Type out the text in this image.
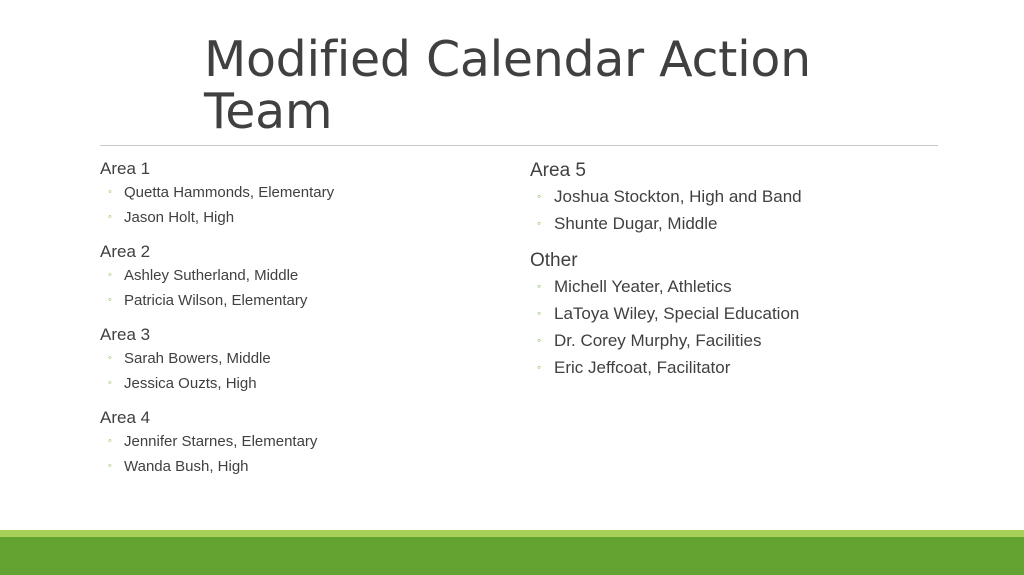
Modified Calendar Action Team
Area 1
◦ Quetta Hammonds, Elementary
◦ Jason Holt, High
Area 2
◦ Ashley Sutherland, Middle
◦ Patricia Wilson, Elementary
Area 3
◦ Sarah Bowers, Middle
◦ Jessica Ouzts, High
Area 4
◦ Jennifer Starnes, Elementary
◦ Wanda Bush, High
Area 5
◦ Joshua Stockton, High and Band
◦ Shunte Dugar, Middle
Other
◦ Michell Yeater, Athletics
◦ LaToya Wiley, Special Education
◦ Dr. Corey Murphy, Facilities
◦ Eric Jeffcoat, Facilitator
